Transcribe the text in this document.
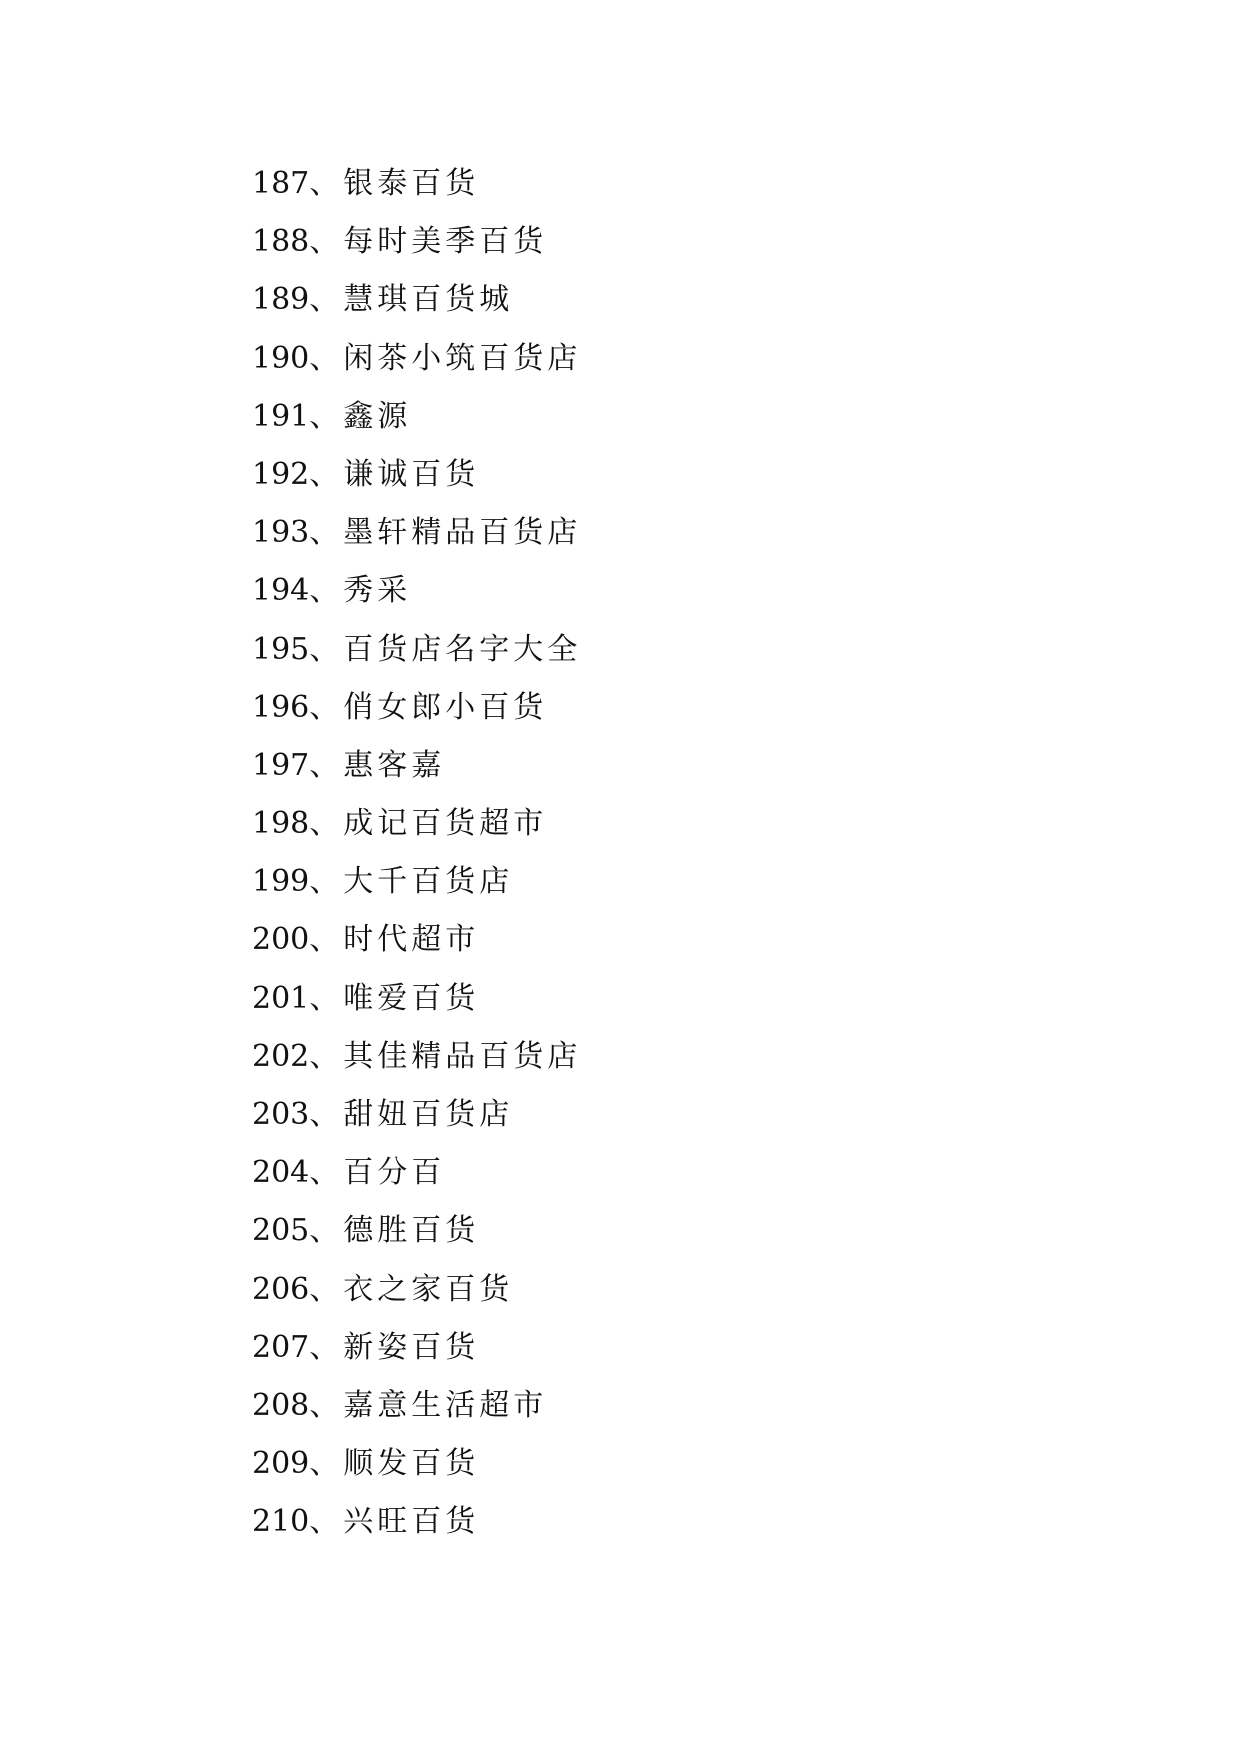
187、银泰百货
188、每时美季百货
189、慧琪百货城
190、闲茶小筑百货店
191、鑫源
192、谦诚百货
193、墨轩精品百货店
194、秀采
195、百货店名字大全
196、俏女郎小百货
197、惠客嘉
198、成记百货超市
199、大千百货店
200、时代超市
201、唯爱百货
202、其佳精品百货店
203、甜妞百货店
204、百分百
205、德胜百货
206、衣之家百货
207、新姿百货
208、嘉意生活超市
209、顺发百货
210、兴旺百货
